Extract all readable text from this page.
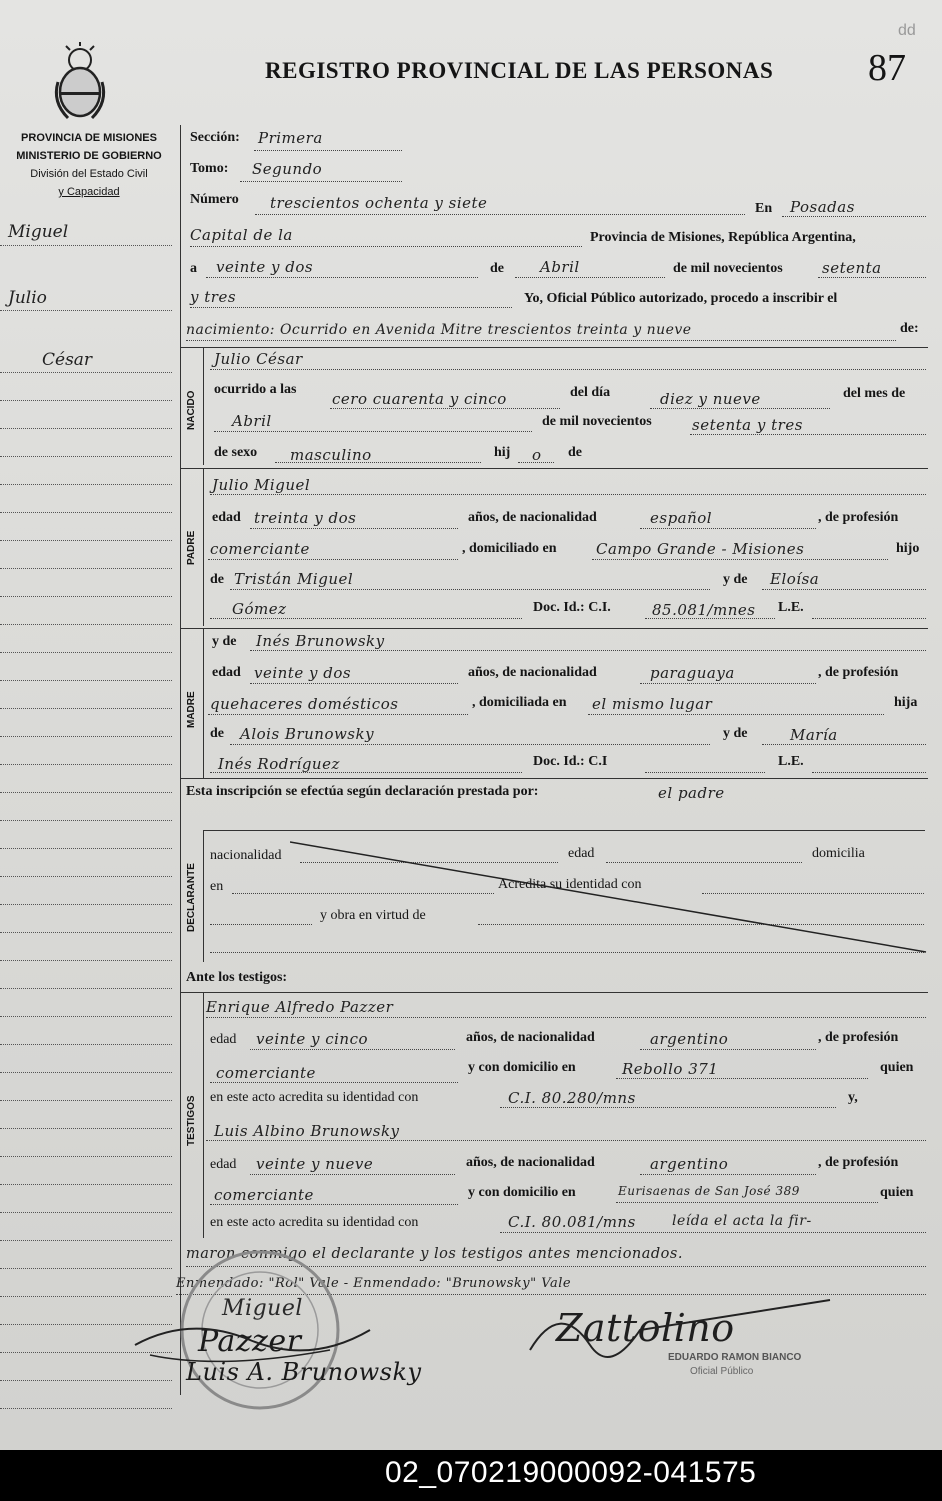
dd
REGISTRO PROVINCIAL DE LAS PERSONAS 87
PROVINCIA DE MISIONES
MINISTERIO DE GOBIERNO
División del Estado Civil
y Capacidad
Miguel
Julio
César
Sección: Primera
Tomo: Segundo
Número trescientos ochenta y siete	En Posadas
Capital de la	Provincia de Misiones, República Argentina,
a veinte y dos	de Abril	de mil novecientos	setenta
y tres	Yo, Oficial Público autorizado, procedo a inscribir el
nacimiento: Ocurrido en Avenida Mitre trescientos treinta y nueve	de:
NACIDO
Julio César
ocurrido a las
cero cuarenta y cinco	del día	diez y nueve	del mes de
Abril	de mil novecientos	setenta y tres
de sexo masculino	hij o de
PADRE
Julio Miguel
edad treinta y dos	años, de nacionalidad	español	, de profesión
comerciante	, domiciliado en	Campo Grande - Misiones	hijo
de Tristán Miguel	y de Eloísa
Gómez	Doc. Id.: C.I.	85.081/mnes L.E.
MADRE
y de Inés Brunowsky
edad veinte y dos	años, de nacionalidad	paraguaya	, de profesión
quehaceres domésticos	, domiciliada en el mismo lugar	hija
de Alois Brunowsky	y de	María
Inés Rodríguez	Doc. Id.: C.I	L.E.
Esta inscripción se efectúa según declaración prestada por:	el padre
DECLARANTE
nacionalidad	edad	domicilia
en	Acredita su identidad con
y obra en virtud de
Ante los testigos:
TESTIGOS
Enrique Alfredo Pazzer
edad veinte y cinco	años, de nacionalidad	argentino	, de profesión
comerciante	y con domicilio en	Rebollo 371	quien
en este acto acredita su identidad con	C.I. 80.280/mns	y,
Luis Albino Brunowsky
edad veinte y nueve	años, de nacionalidad	argentino	, de profesión
comerciante	y con domicilio en	Eurisaenas de San José 389	quien
en este acto acredita su identidad con	C.I. 80.081/mns	leída el acta la fir-
maron conmigo el declarante y los testigos antes mencionados.
Enmendado: "Rol" Vale - Enmendado: "Brunowsky" Vale
Miguel
Pazzer
Luis A. Brunowsky
Zattolino
EDUARDO RAMON BIANCO
Oficial Público
02_070219000092-041575
